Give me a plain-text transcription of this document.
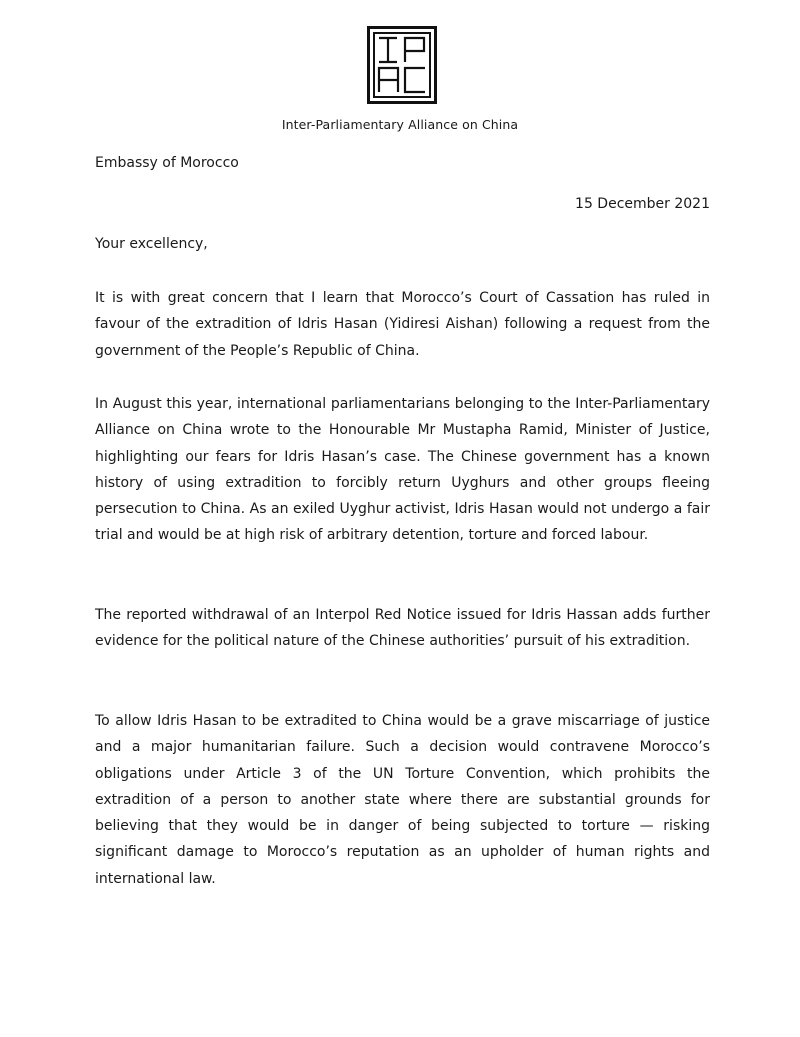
Inter-Parliamentary Alliance on China
Embassy of Morocco
15 December 2021
Your excellency,

It is with great concern that I learn that Morocco’s Court of Cassation has ruled in favour of the extradition of Idris Hasan (Yidiresi Aishan) following a request from the government of the People’s Republic of China.

In August this year, international parliamentarians belonging to the Inter-Parliamentary Alliance on China wrote to the Honourable Mr Mustapha Ramid, Minister of Justice, highlighting our fears for Idris Hasan’s case. The Chinese government has a known history of using extradition to forcibly return Uyghurs and other groups fleeing persecution to China. As an exiled Uyghur activist, Idris Hasan would not undergo a fair trial and would be at high risk of arbitrary detention, torture and forced labour.

The reported withdrawal of an Interpol Red Notice issued for Idris Hassan adds further evidence for the political nature of the Chinese authorities’ pursuit of his extradition.

To allow Idris Hasan to be extradited to China would be a grave miscarriage of justice and a major humanitarian failure. Such a decision would contravene Morocco’s obligations under Article 3 of the UN Torture Convention, which prohibits the extradition of a person to another state where there are substantial grounds for believing that they would be in danger of being subjected to torture — risking significant damage to Morocco’s reputation as an upholder of human rights and international law.
